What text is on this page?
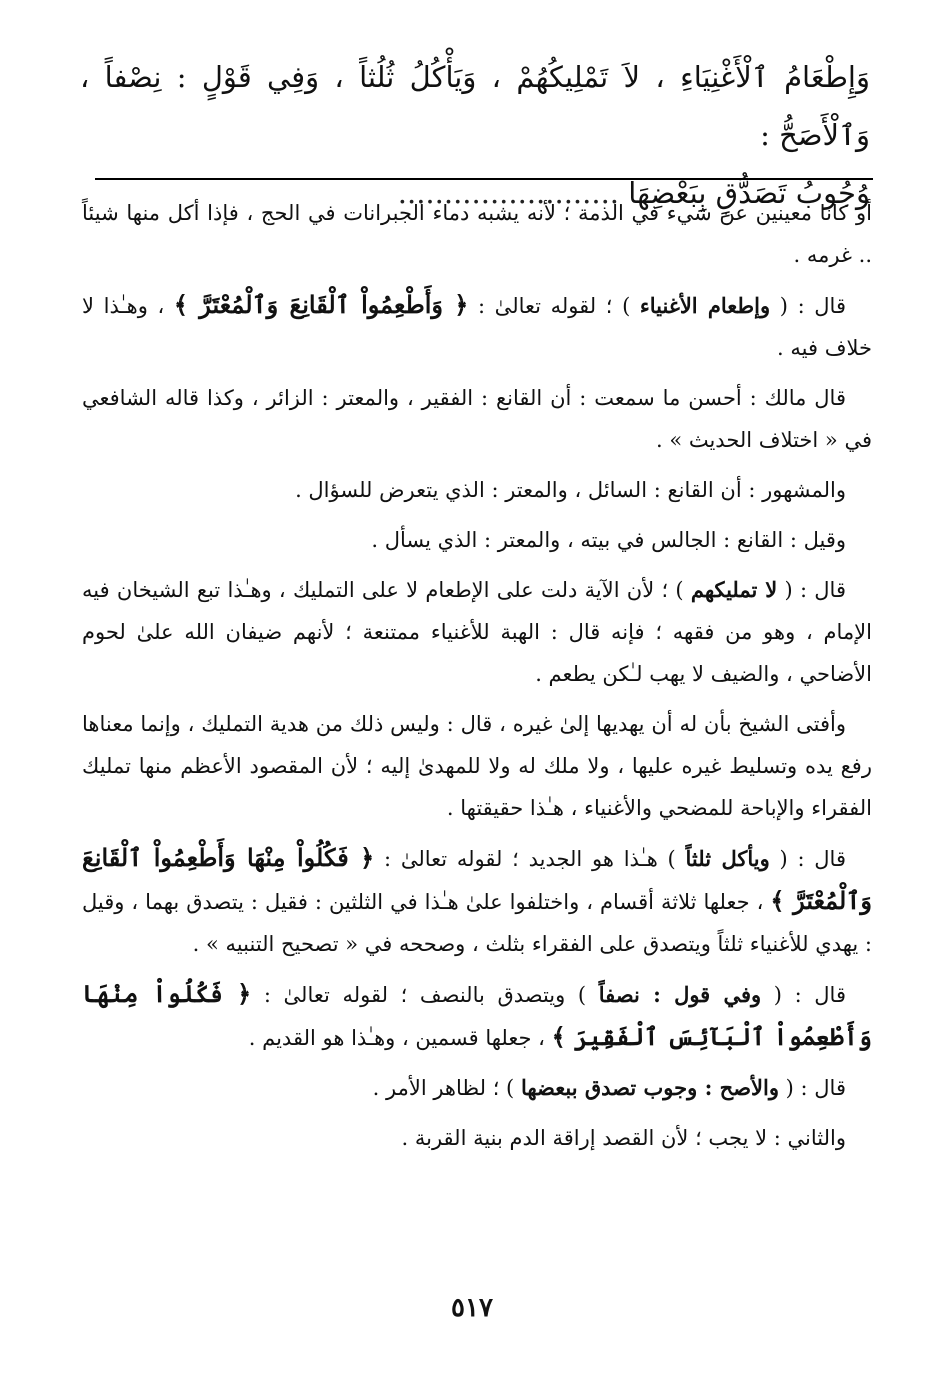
وَإِطْعَامُ ٱلْأَغْنِيَاءِ ، لاَ تَمْلِيكُهُمْ ، وَيَأْكُلُ ثُلُثاً ، وَفِي قَوْلٍ : نِصْفاً ، وَٱلْأَصَحُّ :

وُجُوبُ تَصَدُّقٍ بِبَعْضِهَا ........................

أو كانا معينين عن شيء في الذمة ؛ لأنه يشبه دماء الجبرانات في الحج ، فإذا أكل منها شيئاً .. غرمه .

قال : ( وإطعام الأغنياء ) ؛ لقوله تعالىٰ : ﴿ وَأَطْعِمُواْ ٱلْقَانِعَ وَٱلْمُعْتَرَّ ﴾ ، وهـٰذا لا خلاف فيه .

قال مالك : أحسن ما سمعت : أن القانع : الفقير ، والمعتر : الزائر ، وكذا قاله الشافعي في « اختلاف الحديث » .

والمشهور : أن القانع : السائل ، والمعتر : الذي يتعرض للسؤال .

وقيل : القانع : الجالس في بيته ، والمعتر : الذي يسأل .

قال : ( لا تمليكهم ) ؛ لأن الآية دلت على الإطعام لا على التمليك ، وهـٰذا تبع الشيخان فيه الإمام ، وهو من فقهه ؛ فإنه قال : الهبة للأغنياء ممتنعة ؛ لأنهم ضيفان الله علىٰ لحوم الأضاحي ، والضيف لا يهب لـٰكن يطعم .

وأفتى الشيخ بأن له أن يهديها إلىٰ غيره ، قال : وليس ذلك من هدية التمليك ، وإنما معناها رفع يده وتسليط غيره عليها ، ولا ملك له ولا للمهدىٰ إليه ؛ لأن المقصود الأعظم منها تمليك الفقراء والإباحة للمضحي والأغنياء ، هـٰذا حقيقتها .

قال : ( ويأكل ثلثاً ) هـٰذا هو الجديد ؛ لقوله تعالىٰ : ﴿ فَكُلُواْ مِنْهَا وَأَطْعِمُواْ ٱلْقَانِعَ وَٱلْمُعْتَرَّ ﴾ ، جعلها ثلاثة أقسام ، واختلفوا علىٰ هـٰذا في الثلثين : فقيل : يتصدق بهما ، وقيل : يهدي للأغنياء ثلثاً ويتصدق على الفقراء بثلث ، وصححه في « تصحيح التنبيه » .

قال : ( وفي قول : نصفاً ) ويتصدق بالنصف ؛ لقوله تعالىٰ : ﴿ فَكُلُواْ مِنْهَا وَأَطْعِمُواْ ٱلْبَآئِسَ ٱلْفَقِيرَ ﴾ ، جعلها قسمين ، وهـٰذا هو القديم .

قال : ( والأصح : وجوب تصدق ببعضها ) ؛ لظاهر الأمر .

والثاني : لا يجب ؛ لأن القصد إراقة الدم بنية القربة .

٥١٧
